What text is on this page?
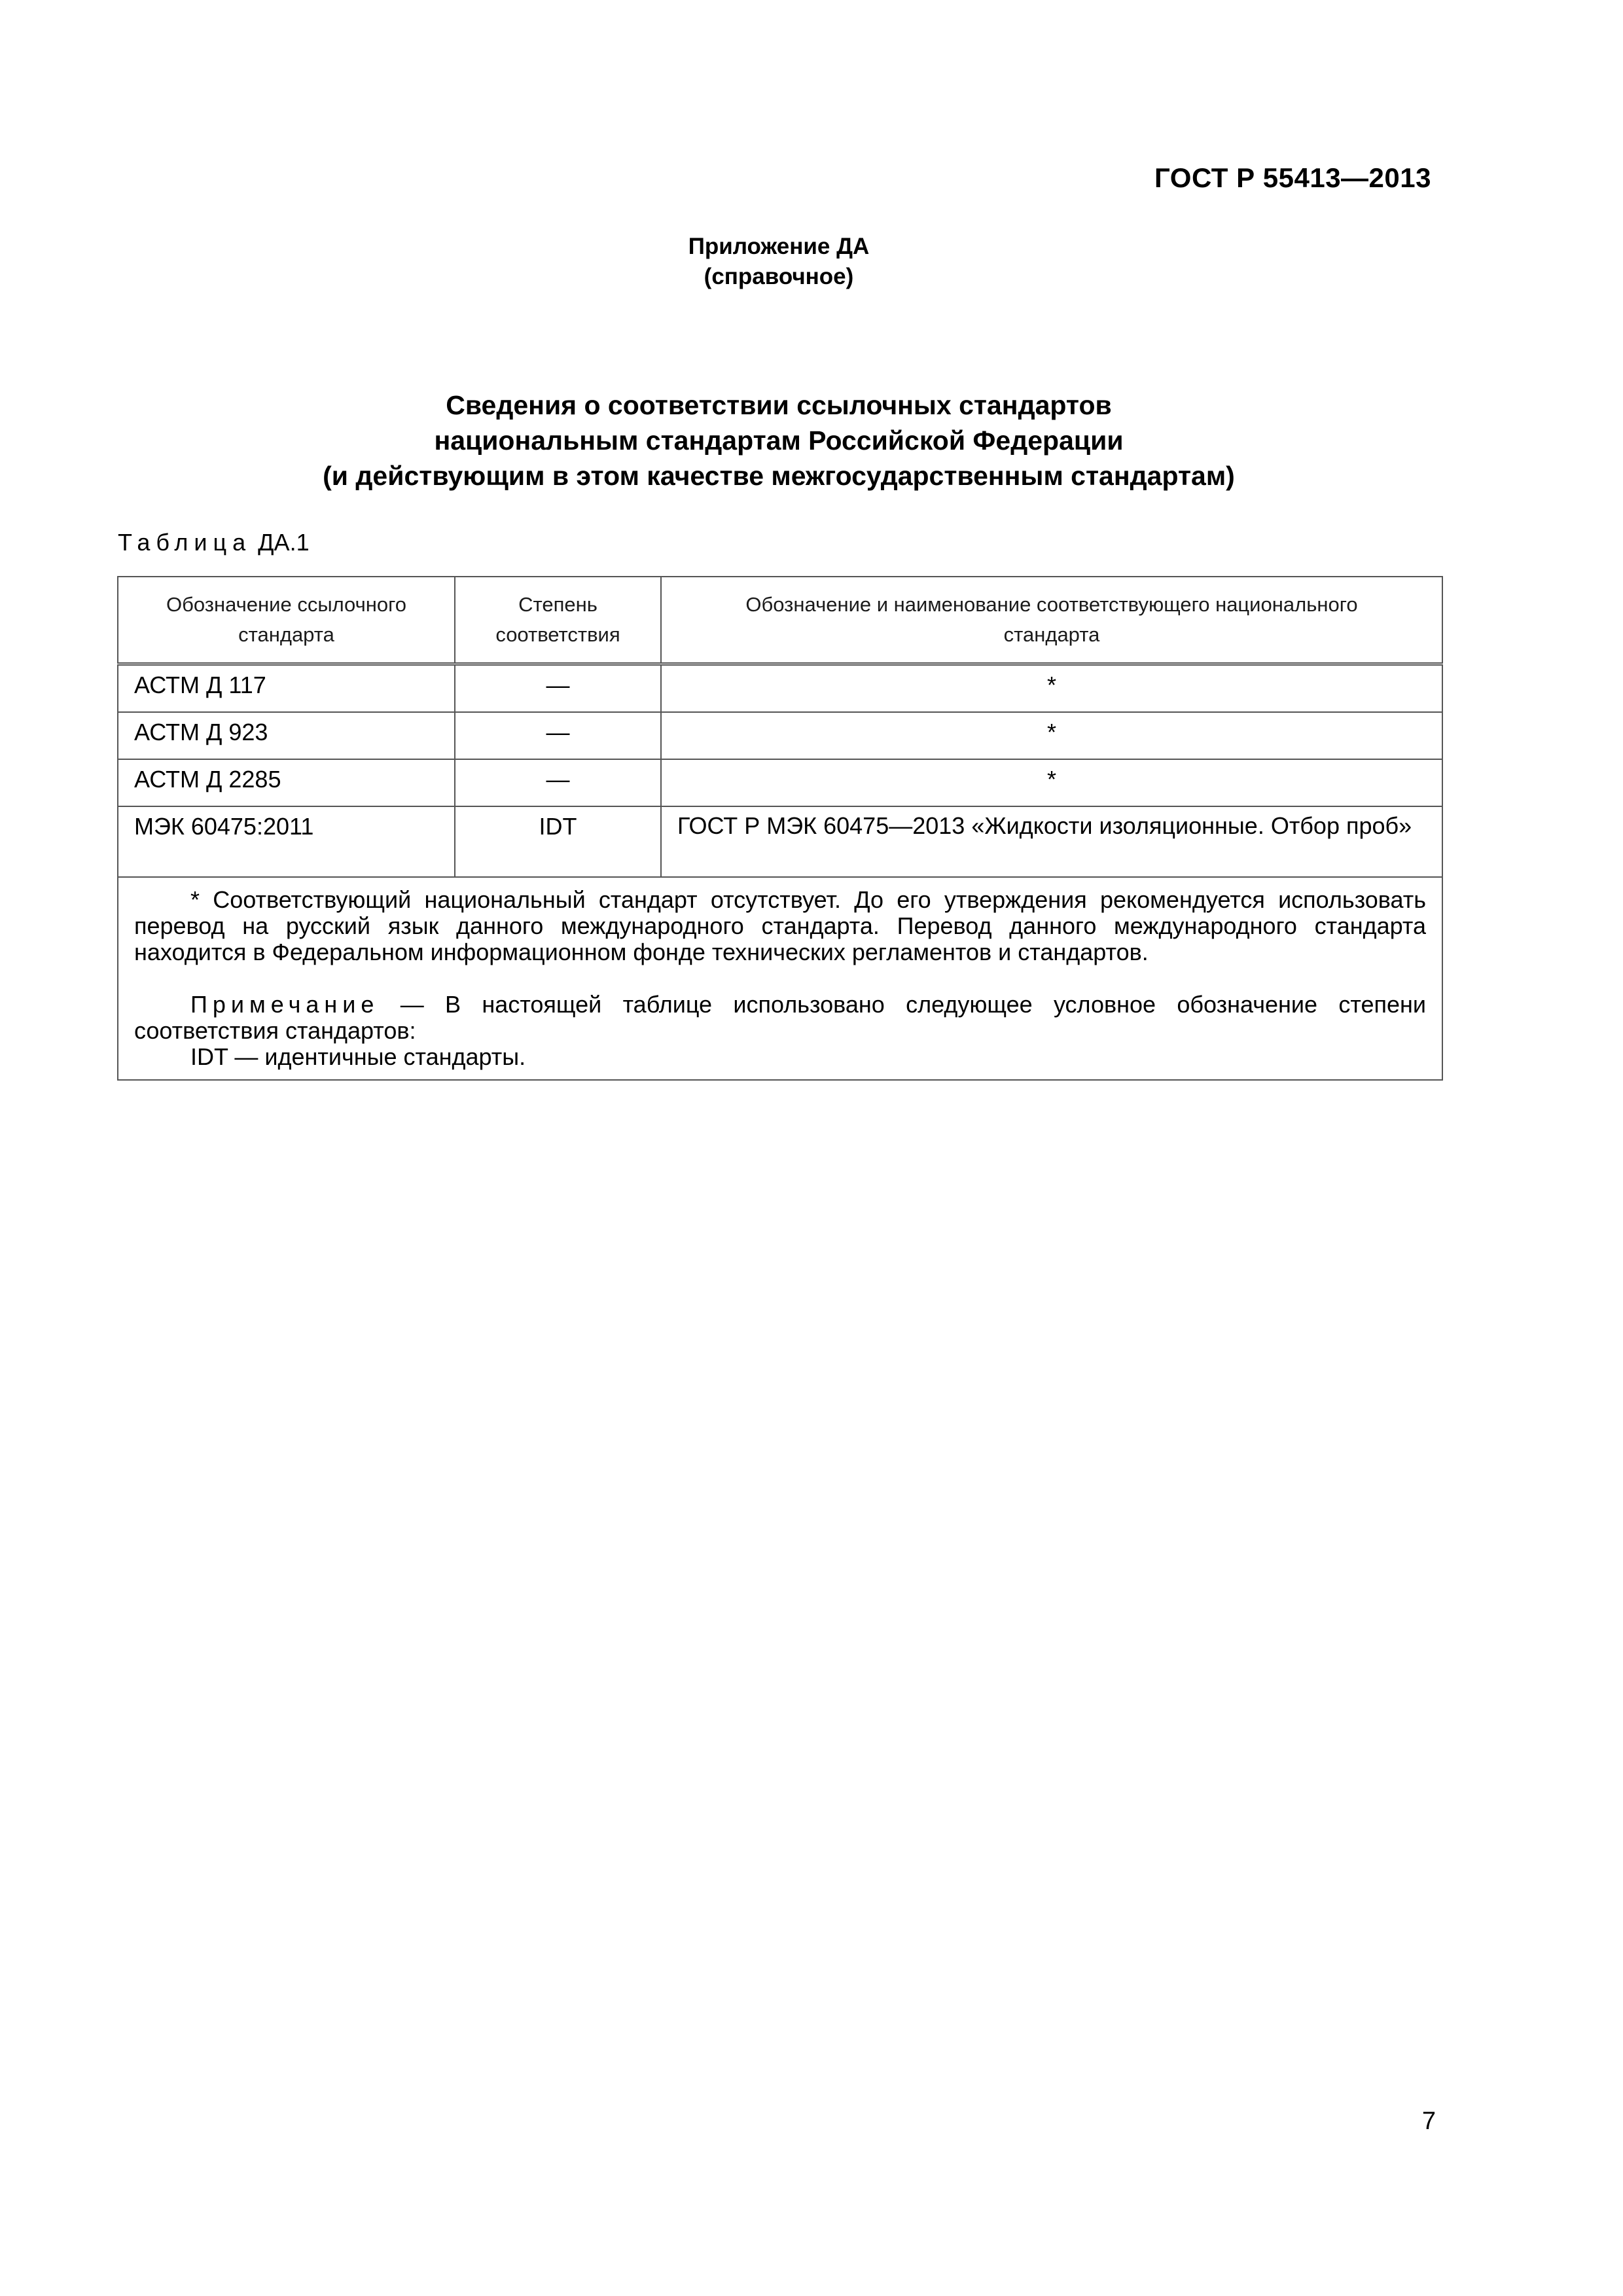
ГОСТ Р 55413—2013
Приложение ДА
(справочное)
Сведения о соответствии ссылочных стандартов
национальным стандартам Российской Федерации
(и действующим в этом качестве межгосударственным стандартам)
Таблица ДА.1
Обозначение ссылочного стандарта	Степень соответствия	Обозначение и наименование соответствующего национального стандарта
АСТМ Д 117	—	*
АСТМ Д 923	—	*
АСТМ Д 2285	—	*
МЭК 60475:2011	IDT	ГОСТ Р МЭК 60475—2013 «Жидкости изоляционные. Отбор проб»

* Соответствующий национальный стандарт отсутствует. До его утверждения рекомендуется использовать перевод на русский язык данного международного стандарта. Перевод данного международного стандарта находится в Федеральном информационном фонде технических регламентов и стандартов.

Примечание — В настоящей таблице использовано следующее условное обозначение степени соответствия стандартов:

IDT — идентичные стандарты.		

7
